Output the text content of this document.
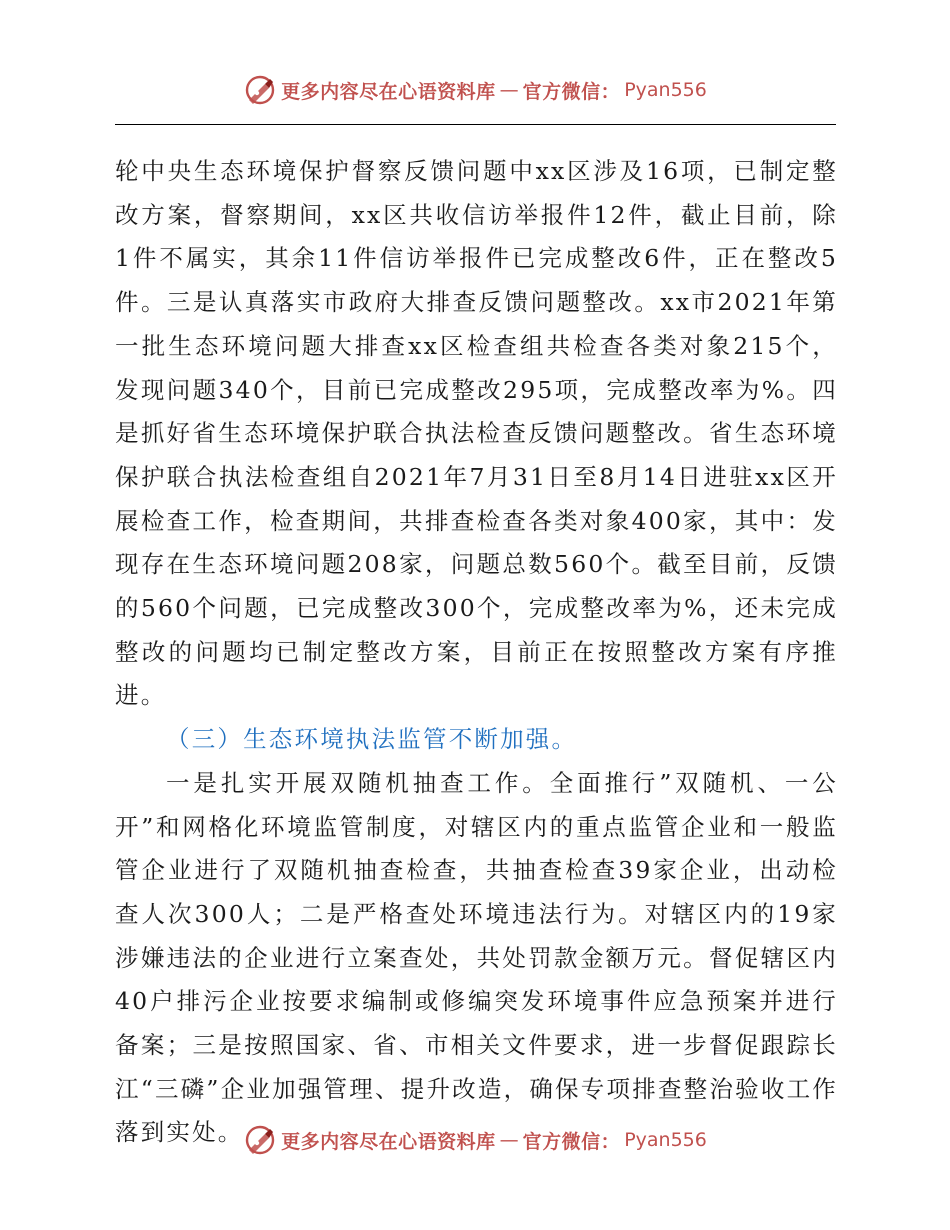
更多内容尽在心语资料库 — 官方微信： Pyan556

轮中央生态环境保护督察反馈问题中xx区涉及16项，已制定整改方案，督察期间，xx区共收信访举报件12件，截止目前，除1件不属实，其余11件信访举报件已完成整改6件，正在整改5件。三是认真落实市政府大排查反馈问题整改。xx市2021年第一批生态环境问题大排查xx区检查组共检查各类对象215个，发现问题340个，目前已完成整改295项，完成整改率为%。四是抓好省生态环境保护联合执法检查反馈问题整改。省生态环境保护联合执法检查组自2021年7月31日至8月14日进驻xx区开展检查工作，检查期间，共排查检查各类对象400家，其中：发现存在生态环境问题208家，问题总数560个。截至目前，反馈的560个问题，已完成整改300个，完成整改率为%，还未完成整改的问题均已制定整改方案，目前正在按照整改方案有序推进。

（三）生态环境执法监管不断加强。

一是扎实开展双随机抽查工作。全面推行”双随机、一公开”和网格化环境监管制度，对辖区内的重点监管企业和一般监管企业进行了双随机抽查检查，共抽查检查39家企业，出动检查人次300人；二是严格查处环境违法行为。对辖区内的19家涉嫌违法的企业进行立案查处，共处罚款金额万元。督促辖区内40户排污企业按要求编制或修编突发环境事件应急预案并进行备案；三是按照国家、省、市相关文件要求，进一步督促跟踪长江“三磷”企业加强管理、提升改造，确保专项排查整治验收工作落到实处。	更多内容尽在心语资料库 — 官方微信： Pyan556
